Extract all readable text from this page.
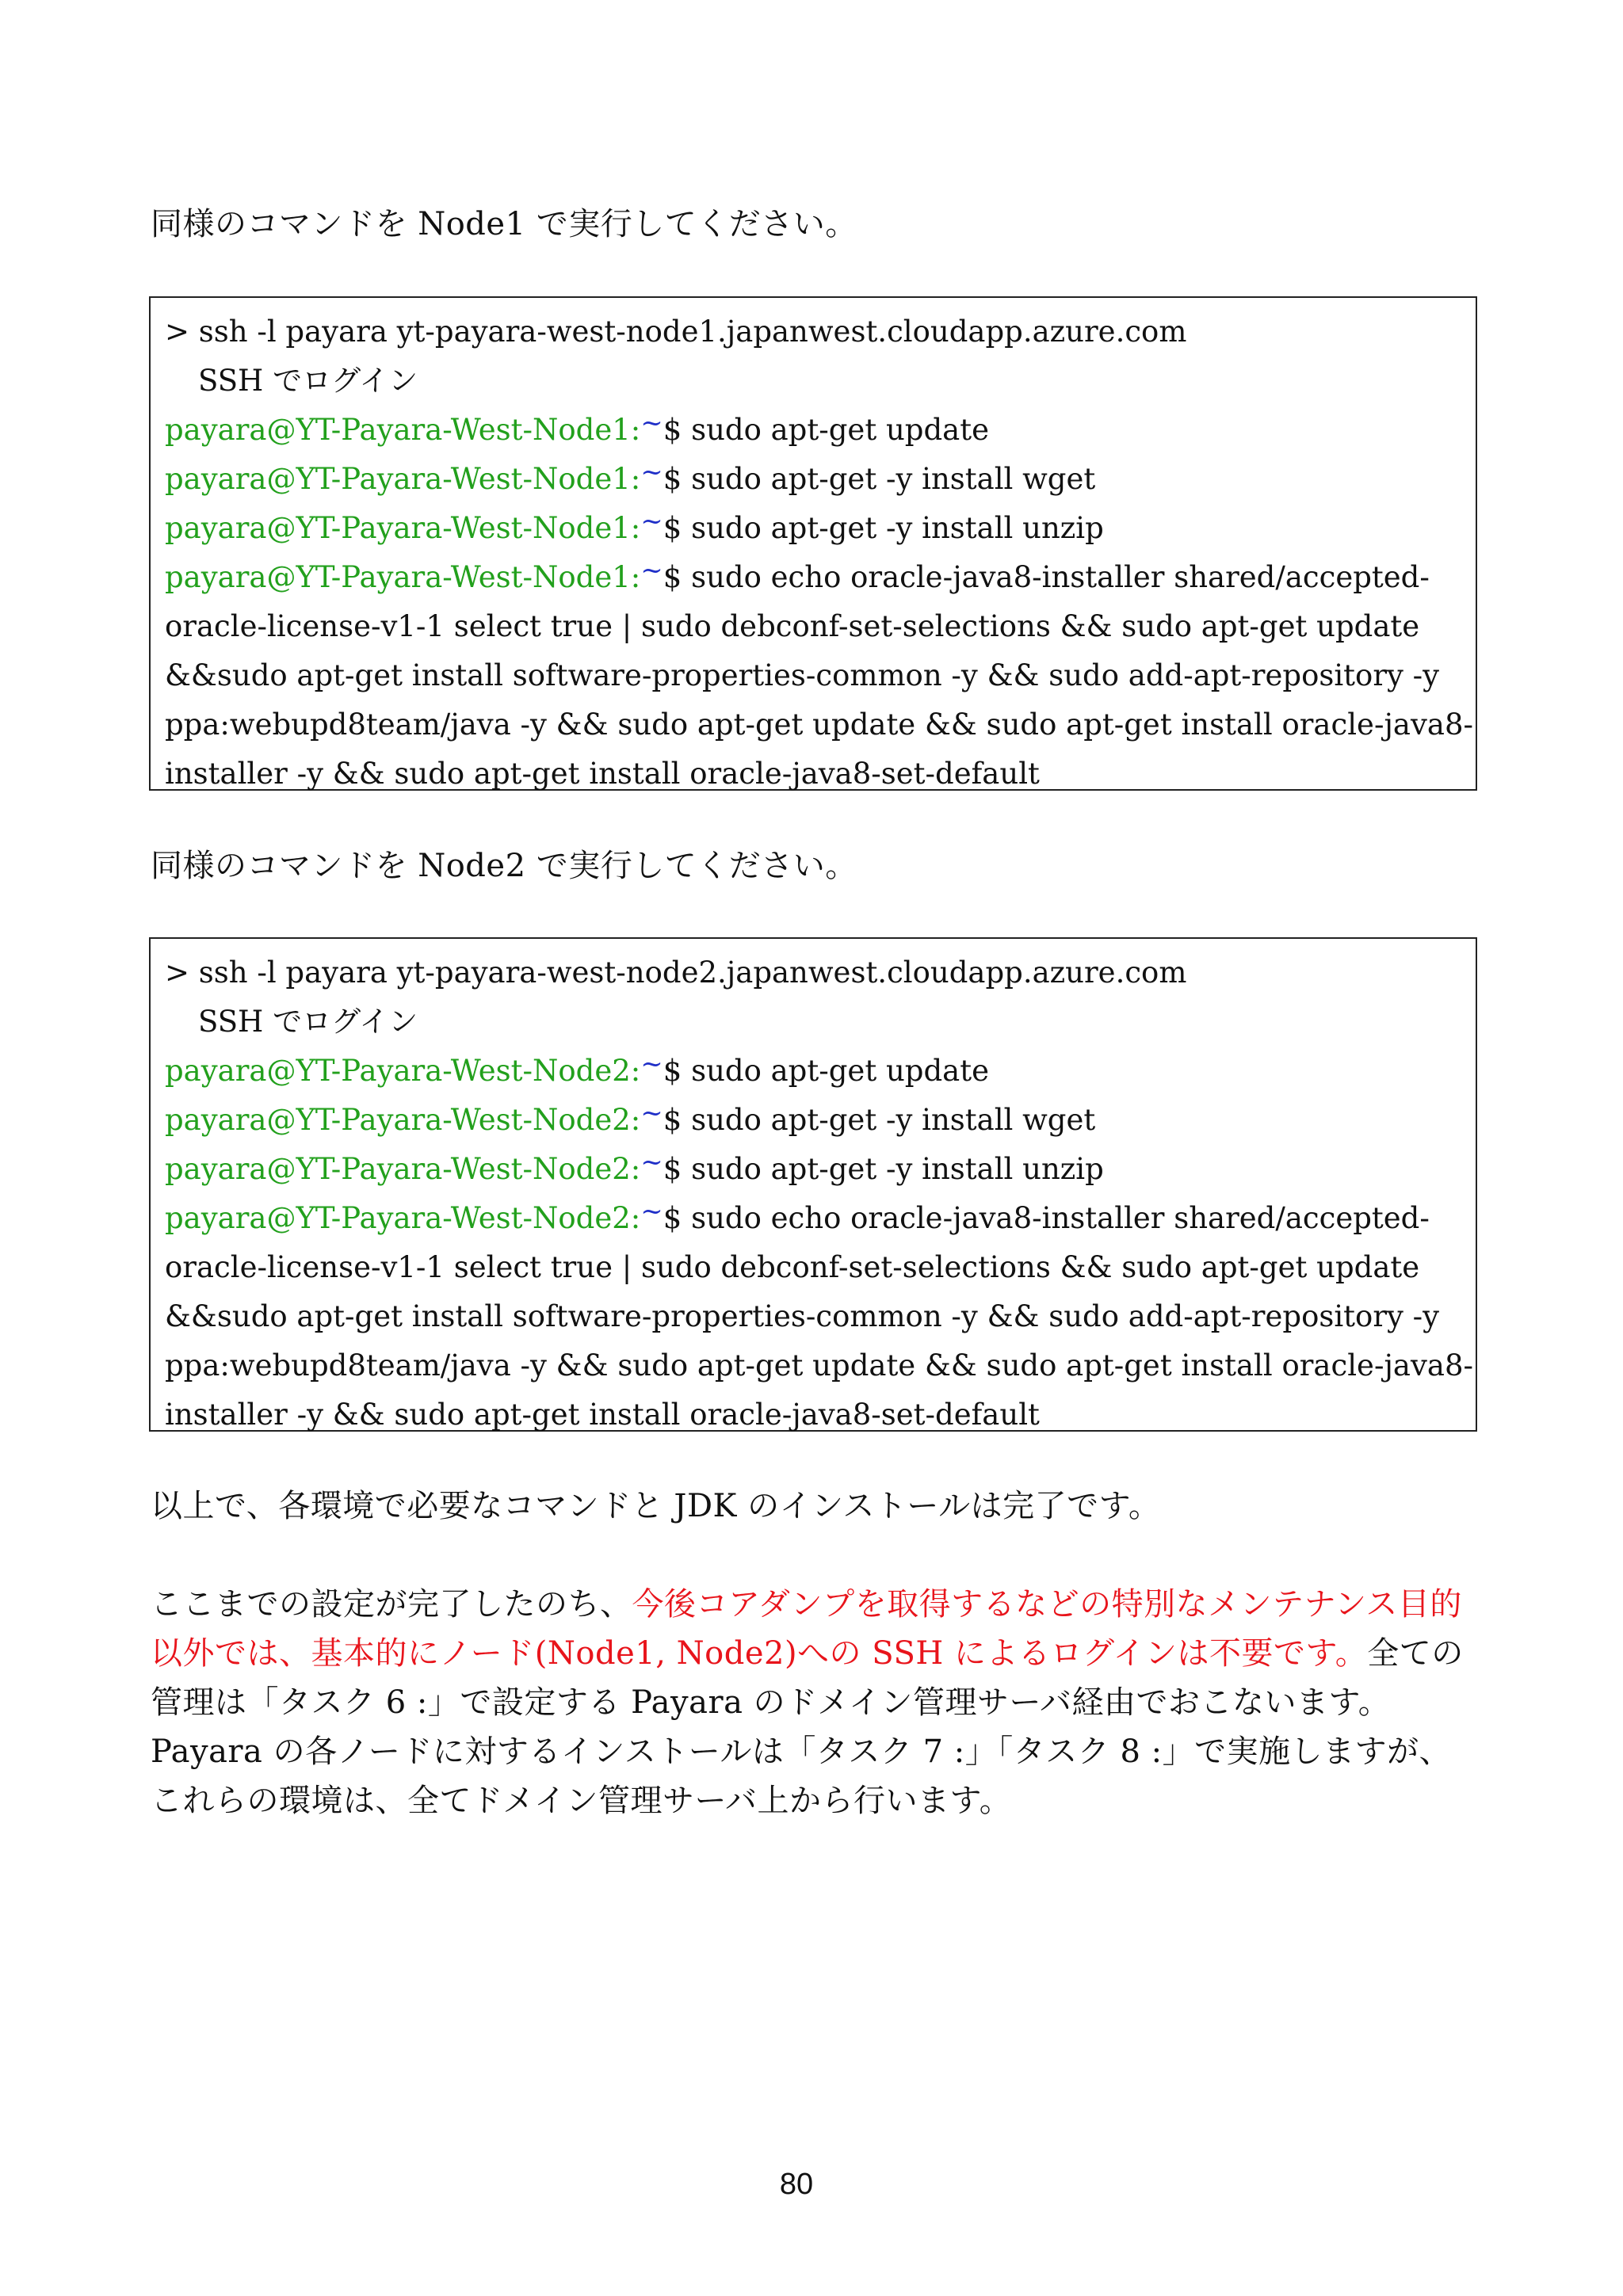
同様のコマンドを Node1 で実行してください。

> ssh -l payara yt-payara-west-node1.japanwest.cloudapp.azure.com
SSH でログイン
payara@YT-Payara-West-Node1:~$ sudo apt-get update
payara@YT-Payara-West-Node1:~$ sudo apt-get -y install wget
payara@YT-Payara-West-Node1:~$ sudo apt-get -y install unzip
payara@YT-Payara-West-Node1:~$ sudo echo oracle-java8-installer shared/accepted-
oracle-license-v1-1 select true | sudo debconf-set-selections && sudo apt-get update
&&sudo apt-get install software-properties-common -y && sudo add-apt-repository -y
ppa:webupd8team/java -y && sudo apt-get update && sudo apt-get install oracle-java8-
installer -y && sudo apt-get install oracle-java8-set-default

同様のコマンドを Node2 で実行してください。

> ssh -l payara yt-payara-west-node2.japanwest.cloudapp.azure.com
SSH でログイン
payara@YT-Payara-West-Node2:~$ sudo apt-get update
payara@YT-Payara-West-Node2:~$ sudo apt-get -y install wget
payara@YT-Payara-West-Node2:~$ sudo apt-get -y install unzip
payara@YT-Payara-West-Node2:~$ sudo echo oracle-java8-installer shared/accepted-
oracle-license-v1-1 select true | sudo debconf-set-selections && sudo apt-get update
&&sudo apt-get install software-properties-common -y && sudo add-apt-repository -y
ppa:webupd8team/java -y && sudo apt-get update && sudo apt-get install oracle-java8-
installer -y && sudo apt-get install oracle-java8-set-default

以上で、各環境で必要なコマンドと JDK のインストールは完了です。

ここまでの設定が完了したのち、今後コアダンプを取得するなどの特別なメンテナンス目的以外では、基本的にノード(Node1, Node2)への SSH によるログインは不要です。全ての管理は「タスク 6 :」で設定する Payara のドメイン管理サーバ経由でおこないます。Payara の各ノードに対するインストールは「タスク 7 :」「タスク 8 :」で実施しますが、これらの環境は、全てドメイン管理サーバ上から行います。

80
